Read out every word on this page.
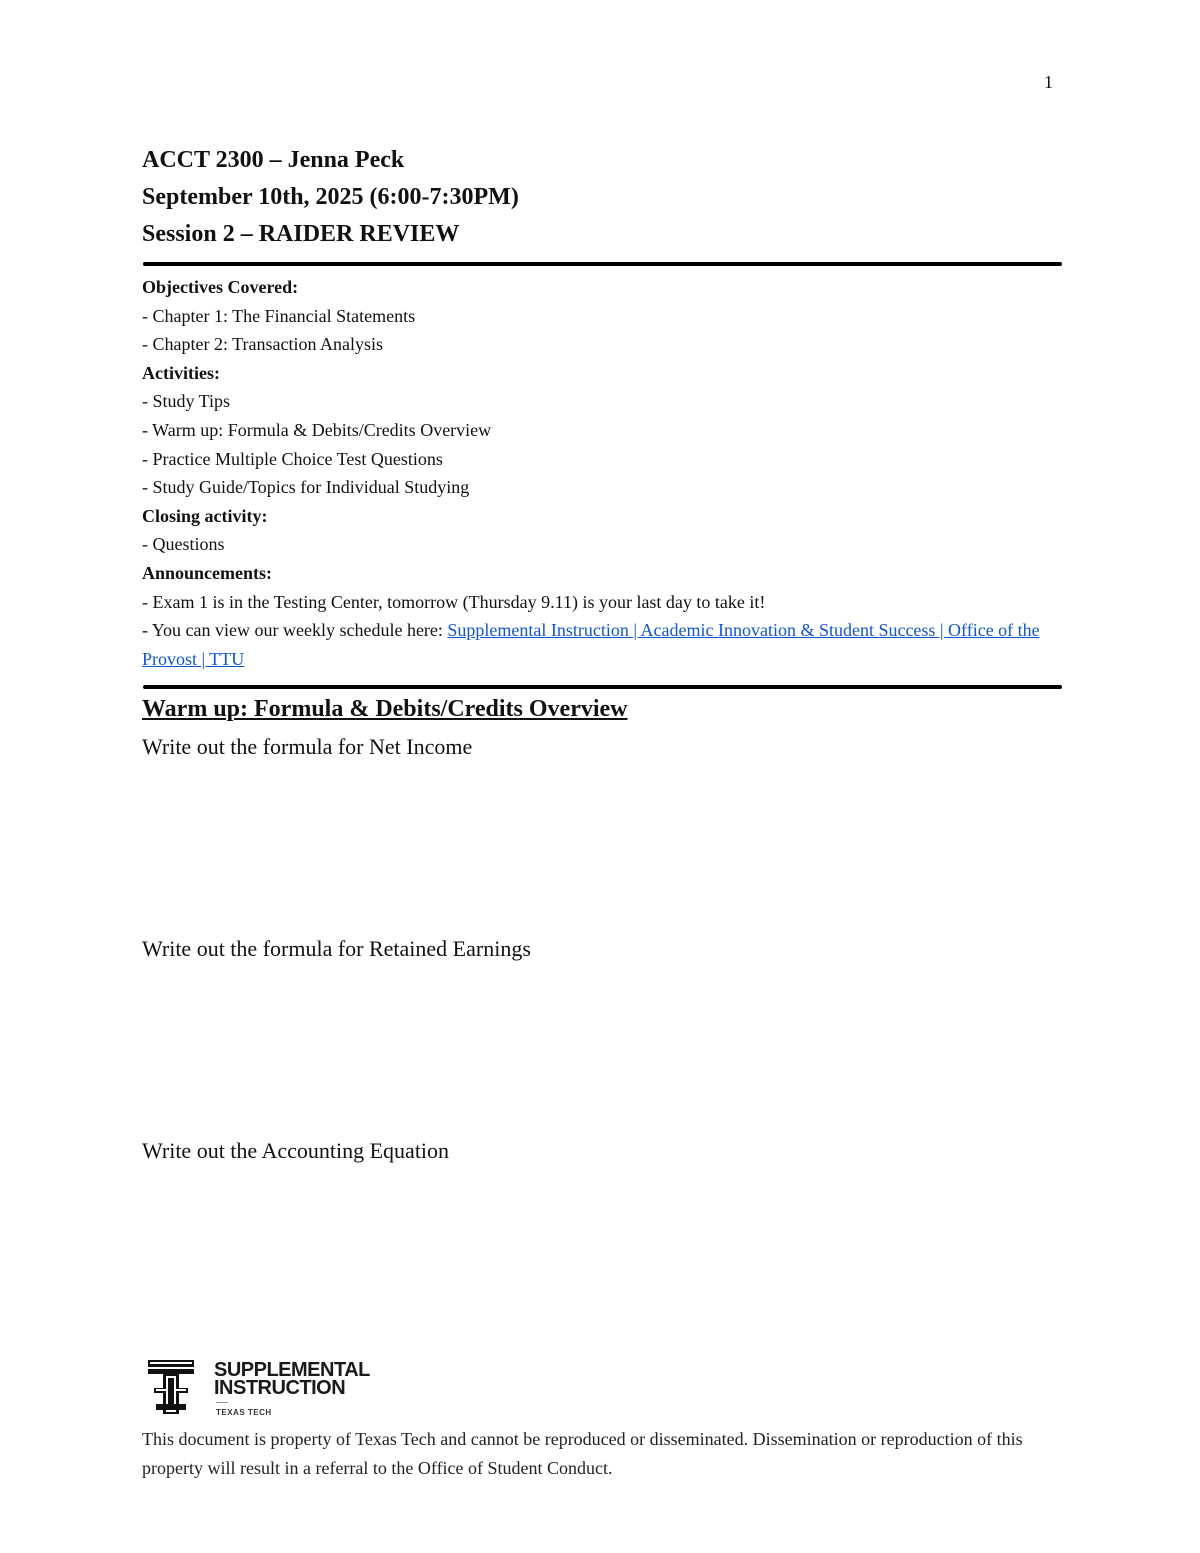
1

ACCT 2300 – Jenna Peck

September 10th, 2025 (6:00-7:30PM)

Session 2 – RAIDER REVIEW

Objectives Covered:
- Chapter 1: The Financial Statements
- Chapter 2: Transaction Analysis
Activities:
- Study Tips
- Warm up: Formula & Debits/Credits Overview
- Practice Multiple Choice Test Questions
- Study Guide/Topics for Individual Studying
Closing activity:
- Questions
Announcements:
- Exam 1 is in the Testing Center, tomorrow (Thursday 9.11) is your last day to take it!
- You can view our weekly schedule here: Supplemental Instruction | Academic Innovation & Student Success | Office of the Provost | TTU
Warm up: Formula & Debits/Credits Overview

Write out the formula for Net Income

Write out the formula for Retained Earnings

Write out the Accounting Equation

SUPPLEMENTAL
INSTRUCTION
TEXAS TECH
This document is property of Texas Tech and cannot be reproduced or disseminated. Dissemination or reproduction of this property will result in a referral to the Office of Student Conduct.
